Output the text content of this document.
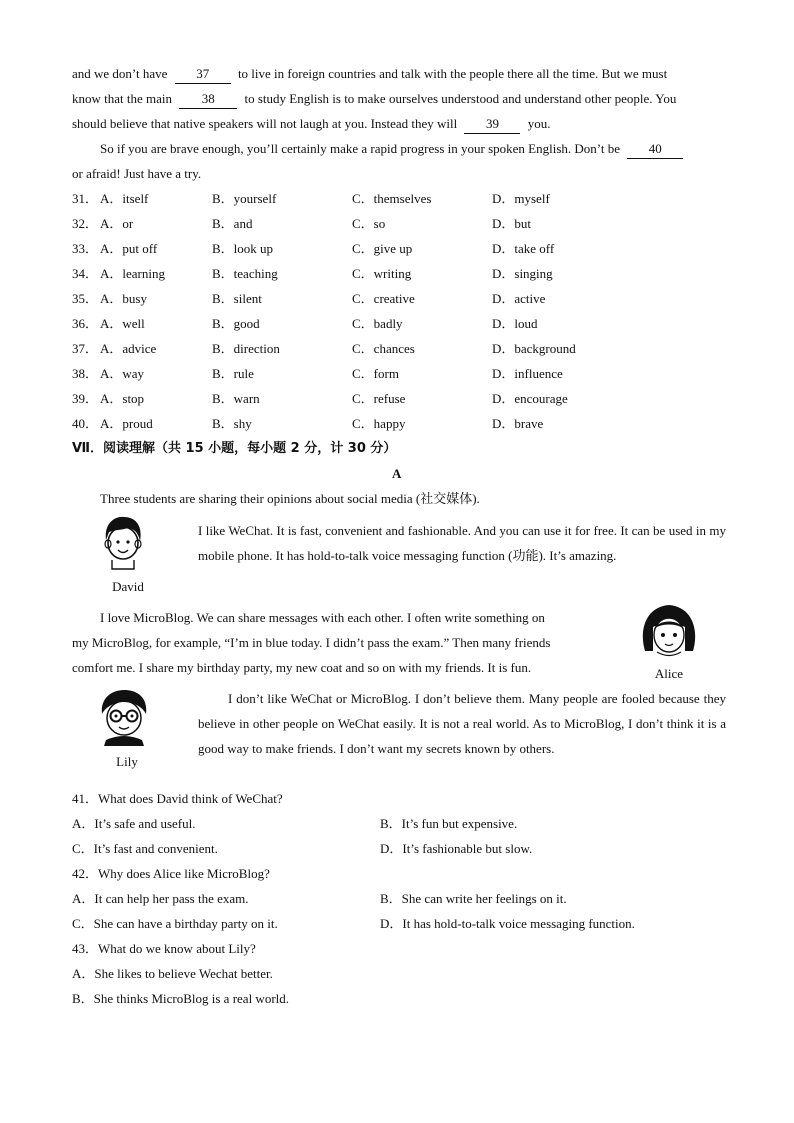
and we don’t have 37 to live in foreign countries and talk with the people there all the time. But we must
know that the main 38 to study English is to make ourselves understood and understand other people. You
should believe that native speakers will not laugh at you. Instead they will 39 you.
So if you are brave enough, you’ll certainly make a rapid progress in your spoken English. Don’t be 40
or afraid! Just have a try.
31． A．itself	B．yourself	C．themselves	D．myself
32． A．or	B．and	C．so	D．but
33． A．put off	B．look up	C．give up	D．take off
34． A．learning	B．teaching	C．writing	D．singing
35． A．busy	B．silent	C．creative	D．active
36． A．well	B．good	C．badly	D．loud
37． A．advice	B．direction	C．chances	D．background
38． A．way	B．rule	C．form	D．influence
39． A．stop	B．warn	C．refuse	D．encourage
40． A．proud	B．shy	C．happy	D．brave
Ⅶ．阅读理解（共 15 小题，每小题 2 分，计 30 分）
A
Three students are sharing their opinions about social media (社交媒体).
David
I like WeChat. It is fast, convenient and fashionable. And you can use it for free. It can be used in my mobile phone. It has hold-to-talk voice messaging function (功能). It’s amazing.
I love MicroBlog. We can share messages with each other. I often write something on
my MicroBlog, for example, “I’m in blue today. I didn’t pass the exam.” Then many friends
comfort me. I share my birthday party, my new coat and so on with my friends. It is fun.	Alice
Lily
I don’t like WeChat or MicroBlog. I don’t believe them. Many people are fooled because they believe in other people on WeChat easily. It is not a real world. As to MicroBlog, I don’t think it is a good way to make friends. I don’t want my secrets known by others.
41．What does David think of WeChat?
A．It’s safe and useful.	B．It’s fun but expensive.
C．It’s fast and convenient.	D．It’s fashionable but slow.
42．Why does Alice like MicroBlog?
A．It can help her pass the exam.	B．She can write her feelings on it.
C．She can have a birthday party on it.	D．It has hold-to-talk voice messaging function.
43．What do we know about Lily?
A．She likes to believe Wechat better.
B．She thinks MicroBlog is a real world.
